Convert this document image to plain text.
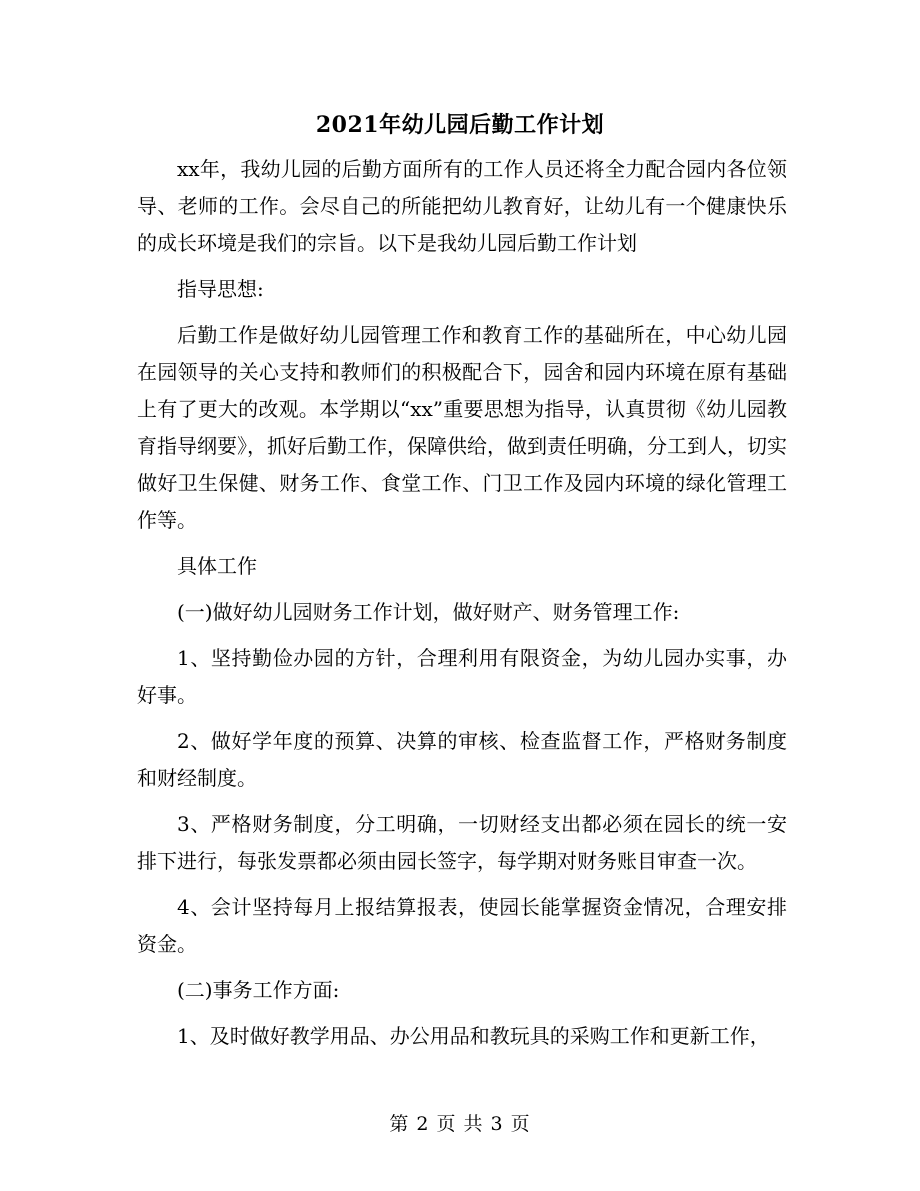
2021年幼儿园后勤工作计划

xx年，我幼儿园的后勤方面所有的工作人员还将全力配合园内各位领导、老师的工作。会尽自己的所能把幼儿教育好，让幼儿有一个健康快乐的成长环境是我们的宗旨。以下是我幼儿园后勤工作计划

指导思想:

后勤工作是做好幼儿园管理工作和教育工作的基础所在，中心幼儿园在园领导的关心支持和教师们的积极配合下，园舍和园内环境在原有基础上有了更大的改观。本学期以“xx”重要思想为指导，认真贯彻《幼儿园教育指导纲要》，抓好后勤工作，保障供给，做到责任明确，分工到人，切实做好卫生保健、财务工作、食堂工作、门卫工作及园内环境的绿化管理工作等。

具体工作

(一)做好幼儿园财务工作计划，做好财产、财务管理工作:

1、坚持勤俭办园的方针，合理利用有限资金，为幼儿园办实事，办好事。

2、做好学年度的预算、决算的审核、检查监督工作，严格财务制度和财经制度。

3、严格财务制度，分工明确，一切财经支出都必须在园长的统一安排下进行，每张发票都必须由园长签字，每学期对财务账目审查一次。

4、会计坚持每月上报结算报表，使园长能掌握资金情况，合理安排资金。

(二)事务工作方面:

1、及时做好教学用品、办公用品和教玩具的采购工作和更新工作，

第 2 页 共 3 页
